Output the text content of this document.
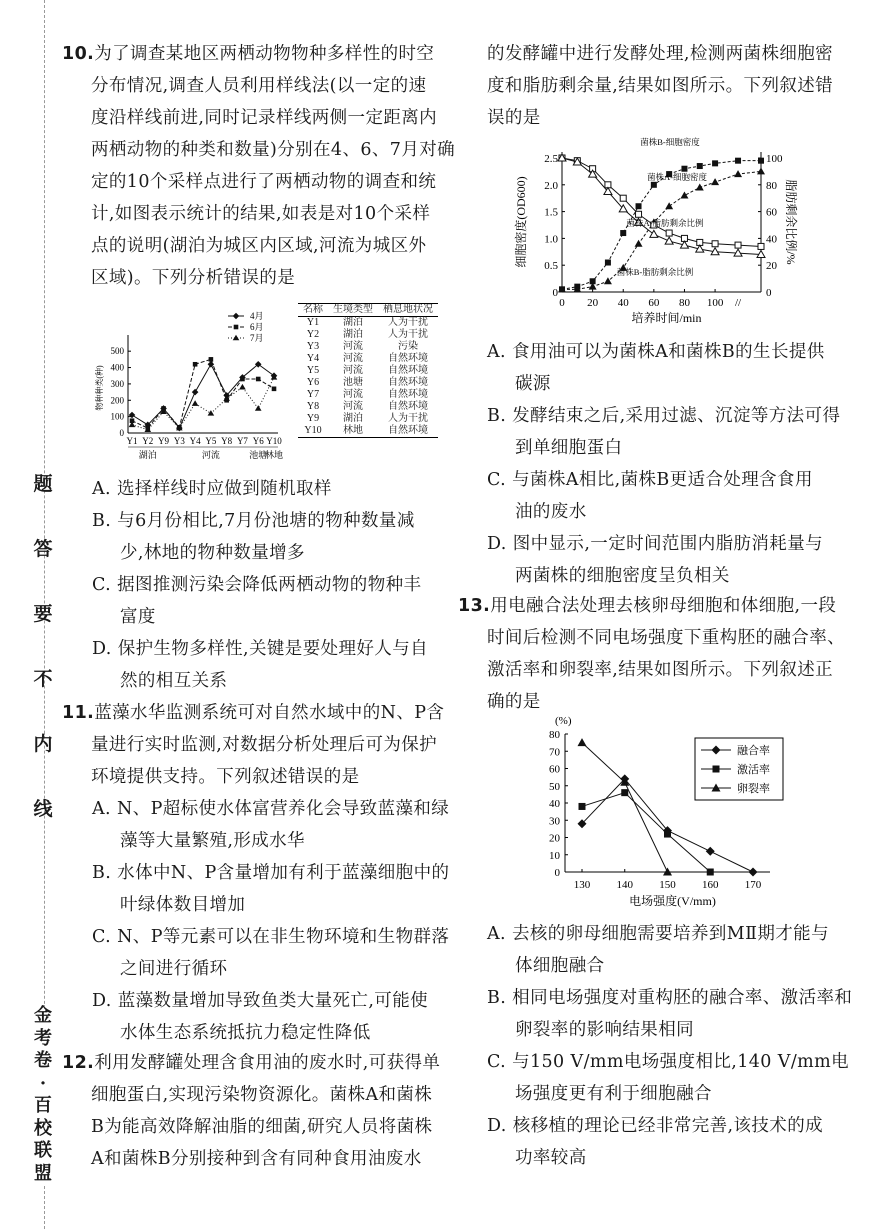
题
答
要
不
内
线
金
考
卷
·
百
校
联
盟
10.为了调查某地区两栖动物物种多样性的时空
分布情况,调查人员利用样线法(以一定的速
度沿样线前进,同时记录样线两侧一定距离内
两栖动物的种类和数量)分别在4、6、7月对确
定的10个采样点进行了两栖动物的调查和统
计,如图表示统计的结果,如表是对10个采样
点的说明(湖泊为城区内区域,河流为城区外
区域)。下列分析错误的是
0
100
200
300
400
500
物种种类(种)
Y1 Y2 Y9 Y3 Y4 Y5 Y8 Y7 Y6 Y10
湖泊	河流	池塘
林地
4月
6月
7月
名称	生境类型	栖息地状况
Y1	湖泊	人为干扰
Y2	湖泊	人为干扰
Y3	河流	污染
Y4	河流	自然环境
Y5	河流	自然环境
Y6	池塘	自然环境
Y7	河流	自然环境
Y8	河流	自然环境
Y9	湖泊	人为干扰
Y10	林地	自然环境
A. 选择样线时应做到随机取样
B. 与6月份相比,7月份池塘的物种数量减
少,林地的物种数量增多
C. 据图推测污染会降低两栖动物的物种丰
富度
D. 保护生物多样性,关键是要处理好人与自
然的相互关系
11.蓝藻水华监测系统可对自然水域中的N、P含
量进行实时监测,对数据分析处理后可为保护
环境提供支持。下列叙述错误的是
A. N、P超标使水体富营养化会导致蓝藻和绿
藻等大量繁殖,形成水华
B. 水体中N、P含量增加有利于蓝藻细胞中的
叶绿体数目增加
C. N、P等元素可以在非生物环境和生物群落
之间进行循环
D. 蓝藻数量增加导致鱼类大量死亡,可能使
水体生态系统抵抗力稳定性降低
12.利用发酵罐处理含食用油的废水时,可获得单
细胞蛋白,实现污染物资源化。菌株A和菌株
B为能高效降解油脂的细菌,研究人员将菌株
A和菌株B分别接种到含有同种食用油废水
的发酵罐中进行发酵处理,检测两菌株细胞密
度和脂肪剩余量,结果如图所示。下列叙述错
误的是
0
0.5
1.0
1.5
2.0
2.5
0
20
40
60
80
100
0 20 40 60 80 100 //
培养时间/min
细胞密度(OD600)	脂肪剩余比例/%
菌株B-细胞密度
菌株A-细胞密度
菌株A-脂肪剩余比例
菌株B-脂肪剩余比例
A. 食用油可以为菌株A和菌株B的生长提供
碳源
B. 发酵结束之后,采用过滤、沉淀等方法可得
到单细胞蛋白
C. 与菌株A相比,菌株B更适合处理含食用
油的废水
D. 图中显示,一定时间范围内脂肪消耗量与
两菌株的细胞密度呈负相关
13.用电融合法处理去核卵母细胞和体细胞,一段
时间后检测不同电场强度下重构胚的融合率、
激活率和卵裂率,结果如图所示。下列叙述正
确的是
(%)
0
10
20
30
40
50
60
70
80
130 140 150 160 170
电场强度(V/mm)
融合率
激活率
卵裂率
A. 去核的卵母细胞需要培养到MⅡ期才能与
体细胞融合
B. 相同电场强度对重构胚的融合率、激活率和
卵裂率的影响结果相同
C. 与150 V/mm电场强度相比,140 V/mm电
场强度更有利于细胞融合
D. 核移植的理论已经非常完善,该技术的成
功率较高
